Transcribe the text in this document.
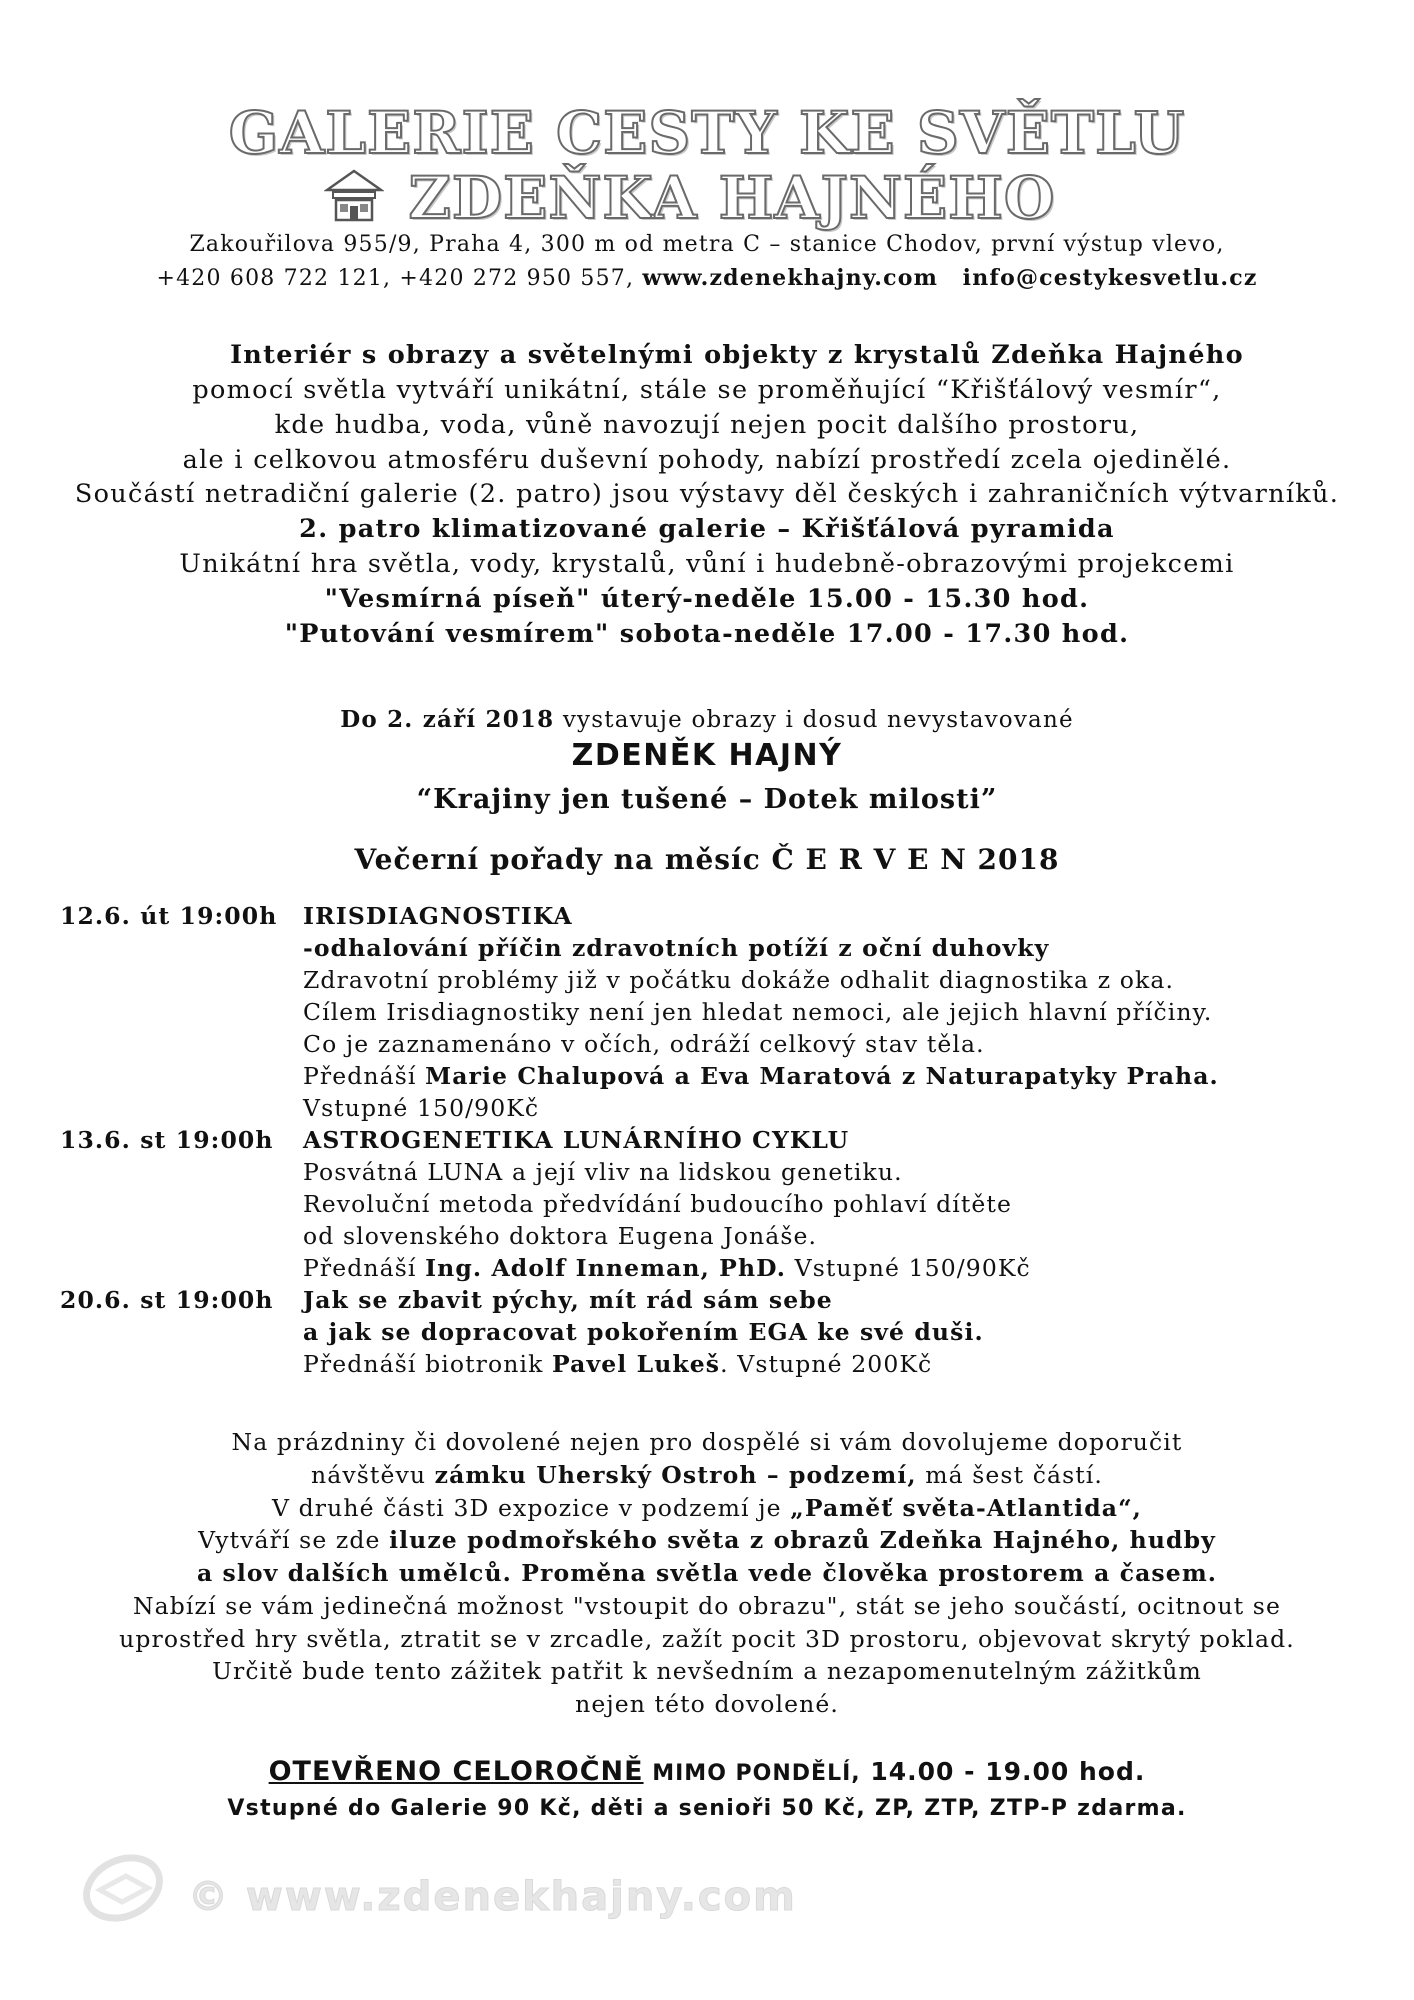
GALERIE CESTY KE SVĚTLU
ZDEŇKA HAJNÉHO
Zakouřilova 955/9, Praha 4, 300 m od metra C – stanice Chodov, první výstup vlevo,
+420 608 722 121, +420 272 950 557, www.zdenekhajny.com info@cestykesvetlu.cz
Interiér s obrazy a světelnými objekty z krystalů Zdeňka Hajného
pomocí světla vytváří unikátní, stále se proměňující “Křišťálový vesmír“,
kde hudba, voda, vůně navozují nejen pocit dalšího prostoru,
ale i celkovou atmosféru duševní pohody, nabízí prostředí zcela ojedinělé.
Součástí netradiční galerie (2. patro) jsou výstavy děl českých i zahraničních výtvarníků.
2. patro klimatizované galerie – Křišťálová pyramida
Unikátní hra světla, vody, krystalů, vůní i hudebně-obrazovými projekcemi
"Vesmírná píseň" úterý-neděle 15.00 - 15.30 hod.
"Putování vesmírem" sobota-neděle 17.00 - 17.30 hod.
Do 2. září 2018 vystavuje obrazy i dosud nevystavované
ZDENĚK HAJNÝ
“Krajiny jen tušené – Dotek milosti”
Večerní pořady na měsíc Č E R V E N 2018
12.6. út 19:00h	IRISDIAGNOSTIKA
-odhalování příčin zdravotních potíží z oční duhovky
Zdravotní problémy již v počátku dokáže odhalit diagnostika z oka.
Cílem Irisdiagnostiky není jen hledat nemoci, ale jejich hlavní příčiny.
Co je zaznamenáno v očích, odráží celkový stav těla.
Přednáší Marie Chalupová a Eva Maratová z Naturapatyky Praha.
Vstupné 150/90Kč
13.6. st 19:00h	ASTROGENETIKA LUNÁRNÍHO CYKLU
Posvátná LUNA a její vliv na lidskou genetiku.
Revoluční metoda předvídání budoucího pohlaví dítěte
od slovenského doktora Eugena Jonáše.
Přednáší Ing. Adolf Inneman, PhD. Vstupné 150/90Kč
20.6. st 19:00h	Jak se zbavit pýchy, mít rád sám sebe
a jak se dopracovat pokořením EGA ke své duši.
Přednáší biotronik Pavel Lukeš. Vstupné 200Kč
Na prázdniny či dovolené nejen pro dospělé si vám dovolujeme doporučit
návštěvu zámku Uherský Ostroh – podzemí, má šest částí.
V druhé části 3D expozice v podzemí je „Paměť světa-Atlantida“,
Vytváří se zde iluze podmořského světa z obrazů Zdeňka Hajného, hudby
a slov dalších umělců. Proměna světla vede člověka prostorem a časem.
Nabízí se vám jedinečná možnost "vstoupit do obrazu", stát se jeho součástí, ocitnout se
uprostřed hry světla, ztratit se v zrcadle, zažít pocit 3D prostoru, objevovat skrytý poklad.
Určitě bude tento zážitek patřit k nevšedním a nezapomenutelným zážitkům
nejen této dovolené.
OTEVŘENO CELOROČNĚ MIMO PONDĚLÍ, 14.00 - 19.00 hod.
Vstupné do Galerie 90 Kč, děti a senioři 50 Kč, ZP, ZTP, ZTP-P zdarma.
© www.zdenekhajny.com
